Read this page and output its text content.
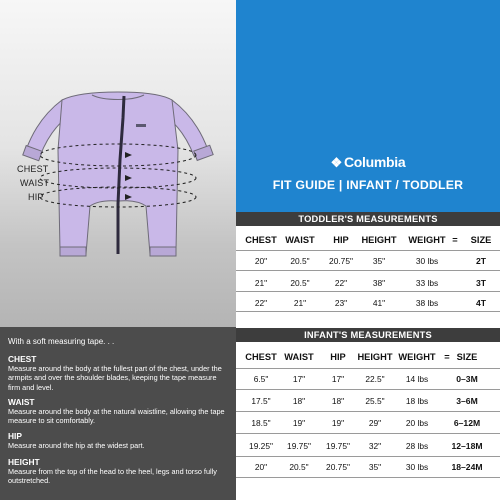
CHEST
WAIST
HIP
With a soft measuring tape. . .
CHEST
Measure around the body at the fullest part of the chest, under the armpits and over the shoulder blades, keeping the tape measure firm and level.
WAIST
Measure around the body at the natural waistline, allowing the tape measure to sit comfortably.
HIP
Measure around the hip at the widest part.
HEIGHT
Measure from the top of the head to the heel, legs and torso fully outstretched.
❖ Columbia
FIT GUIDE | INFANT / TODDLER
TODDLER'S MEASUREMENTS
CHEST WAIST HIP HEIGHT WEIGHT = SIZE
20"	20.5" 20.75" 35"	30 lbs	2T
21"	20.5"	22"	38"	33 lbs	3T
22"	21"	23"	41"	38 lbs	4T
INFANT'S MEASUREMENTS
CHEST WAIST HIP HEIGHT WEIGHT = SIZE
6.5"	17"	17"	22.5"	14 lbs	0–3M
17.5"	18"	18"	25.5"	18 lbs	3–6M
18.5"	19"	19"	29"	20 lbs	6–12M
19.25" 19.75" 19.75" 32"	28 lbs	12–18M
20"	20.5" 20.75" 35"	30 lbs	18–24M
